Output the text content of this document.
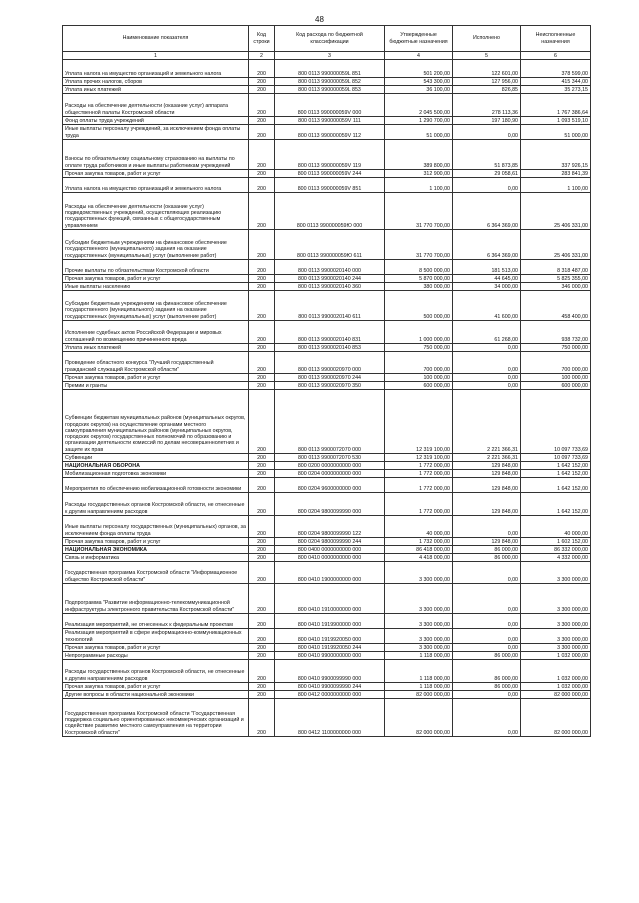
48
Наименование показателя	Код строки	Код расхода по бюджетной классификации	Утвержденные бюджетные назначения	Исполнено	Неисполненные назначения
1	2	3	4	5	6
Уплата налога на имущество организаций и земельного налога	200	800 0113 990000059L 851	501 200,00	122 601,00	378 599,00
Уплата прочих налогов, сборов	200	800 0113 990000059L 852	543 300,00	127 956,00	415 344,00
Уплата иных платежей	200	800 0113 990000059L 853	36 100,00	826,85	35 273,15
Расходы на обеспечение деятельности (оказание услуг) аппарата общественной палаты Костромской области	200	800 0113 990000059V 000	2 045 500,00	278 113,36	1 767 386,64
Фонд оплаты труда учреждений	200	800 0113 990000059V 111	1 290 700,00	197 180,90	1 093 519,10
Иные выплаты персоналу учреждений, за исключением фонда оплаты труда	200	800 0113 990000059V 112	51 000,00	0,00	51 000,00
Взносы по обязательному социальному страхованию на выплаты по оплате труда работников и иные выплаты работникам учреждений	200	800 0113 990000059V 119	389 800,00	51 873,85	337 926,15
Прочая закупка товаров, работ и услуг	200	800 0113 990000059V 244	312 900,00	29 058,61	283 841,39
Уплата налога на имущество организаций и земельного налога	200	800 0113 990000059V 851	1 100,00	0,00	1 100,00
Расходы на обеспечение деятельности (оказание услуг) подведомственных учреждений, осуществляющих реализацию государственных функций, связанных с общегосударственным управлением	200	800 0113 990000059Ю 000	31 770 700,00	6 364 369,00	25 406 331,00
Субсидии бюджетным учреждениям на финансовое обеспечение государственного (муниципального) задания на оказание государственных (муниципальных) услуг (выполнение работ)	200	800 0113 990000059Ю 611	31 770 700,00	6 364 369,00	25 406 331,00
Прочие выплаты по обязательствам Костромской области	200	800 0113 9900020140 000	8 500 000,00	181 513,00	8 318 487,00
Прочая закупка товаров, работ и услуг	200	800 0113 9900020140 244	5 870 000,00	44 645,00	5 825 355,00
Иные выплаты населению	200	800 0113 9900020140 360	380 000,00	34 000,00	346 000,00
Субсидии бюджетным учреждениям на финансовое обеспечение государственного (муниципального) задания на оказание государственных (муниципальных) услуг (выполнение работ)	200	800 0113 9900020140 611	500 000,00	41 600,00	458 400,00
Исполнение судебных актов Российской Федерации и мировых соглашений по возмещению причиненного вреда	200	800 0113 9900020140 831	1 000 000,00	61 268,00	938 732,00
Уплата иных платежей	200	800 0113 9900020140 853	750 000,00	0,00	750 000,00
Проведение областного конкурса "Лучший государственный гражданский служащий Костромской области"	200	800 0113 9900020970 000	700 000,00	0,00	700 000,00
Прочая закупка товаров, работ и услуг	200	800 0113 9900020970 244	100 000,00	0,00	100 000,00
Премии и гранты	200	800 0113 9900020970 350	600 000,00	0,00	600 000,00
Субвенции бюджетам муниципальных районов (муниципальных округов, городских округов) на осуществление органами местного самоуправления муниципальных районов (муниципальных округов, городских округов) государственных полномочий по образованию и организации деятельности комиссий по делам несовершеннолетних и защите их прав	200	800 0113 9900072070 000	12 319 100,00	2 221 366,31	10 097 733,69
Субвенции	200	800 0113 9900072070 530	12 319 100,00	2 221 366,31	10 097 733,69
НАЦИОНАЛЬНАЯ ОБОРОНА	200	800 0200 0000000000 000	1 772 000,00	129 848,00	1 642 152,00
Мобилизационная подготовка экономики	200	800 0204 0000000000 000	1 772 000,00	129 848,00	1 642 152,00
Мероприятия по обеспечению мобилизационной готовности экономики	200	800 0204 9600000000 000	1 772 000,00	129 848,00	1 642 152,00
Расходы государственных органов Костромской области, не отнесенные к другим направлениям расходов	200	800 0204 9800099990 000	1 772 000,00	129 848,00	1 642 152,00
Иные выплаты персоналу государственных (муниципальных) органов, за исключением фонда оплаты труда	200	800 0204 9800099990 122	40 000,00	0,00	40 000,00
Прочая закупка товаров, работ и услуг	200	800 0204 9800099990 244	1 732 000,00	129 848,00	1 602 152,00
НАЦИОНАЛЬНАЯ ЭКОНОМИКА	200	800 0400 0000000000 000	86 418 000,00	86 000,00	86 332 000,00
Связь и информатика	200	800 0410 0000000000 000	4 418 000,00	86 000,00	4 332 000,00
Государственная программа Костромской области "Информационное общество Костромской области"	200	800 0410 1900000000 000	3 300 000,00	0,00	3 300 000,00
Подпрограмма "Развитие информационно-телекоммуникационной инфраструктуры электронного правительства Костромской области"	200	800 0410 1910000000 000	3 300 000,00	0,00	3 300 000,00
Реализация мероприятий, не отнесенных к федеральным проектам	200	800 0410 1919900000 000	3 300 000,00	0,00	3 300 000,00
Реализация мероприятий в сфере информационно-коммуникационных технологий	200	800 0410 1919920050 000	3 300 000,00	0,00	3 300 000,00
Прочая закупка товаров, работ и услуг	200	800 0410 1919920050 244	3 300 000,00	0,00	3 300 000,00
Непрограммные расходы	200	800 0410 9900000000 000	1 118 000,00	86 000,00	1 032 000,00
Расходы государственных органов Костромской области, не отнесенные к другим направлениям расходов	200	800 0410 9900099990 000	1 118 000,00	86 000,00	1 032 000,00
Прочая закупка товаров, работ и услуг	200	800 0410 9900099990 244	1 118 000,00	86 000,00	1 032 000,00
Другие вопросы в области национальной экономики	200	800 0412 0000000000 000	82 000 000,00	0,00	82 000 000,00
Государственная программа Костромской области "Государственная поддержка социально ориентированных некоммерческих организаций и содействие развитию местного самоуправления на территории Костромской области"	200	800 0412 1100000000 000	82 000 000,00	0,00	82 000 000,00
